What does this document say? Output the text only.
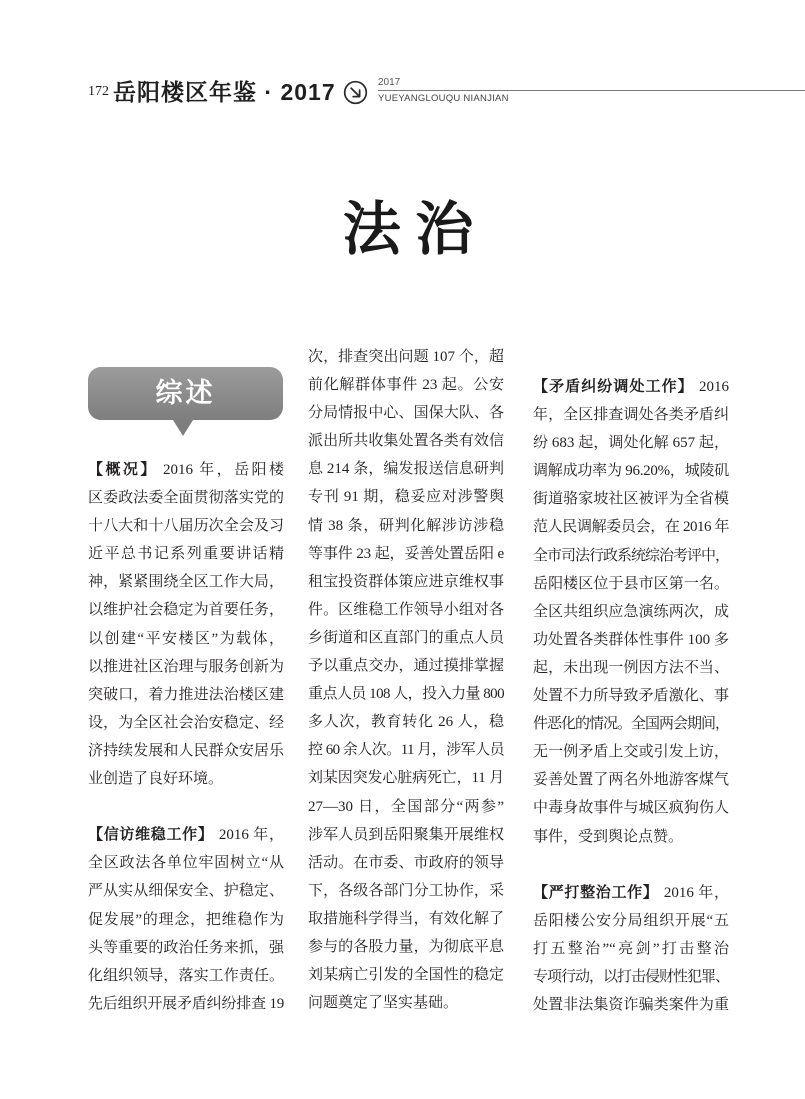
172 岳阳楼区年鉴 · 2017	2017
YUEYANGLOUQU NIANJIAN
法 治
综述
【概况】 2016 年，岳阳楼
区委政法委全面贯彻落实党的
十八大和十八届历次全会及习
近平总书记系列重要讲话精
神，紧紧围绕全区工作大局，
以维护社会稳定为首要任务，
以创建“平安楼区”为载体，
以推进社区治理与服务创新为
突破口，着力推进法治楼区建
设，为全区社会治安稳定、经
济持续发展和人民群众安居乐
业创造了良好环境。
【信访维稳工作】 2016 年，
全区政法各单位牢固树立“从
严从实从细保安全、护稳定、
促发展”的理念，把维稳作为
头等重要的政治任务来抓，强
化组织领导，落实工作责任。
先后组织开展矛盾纠纷排查 19
次，排查突出问题 107 个，超
前化解群体事件 23 起。公安
分局情报中心、国保大队、各
派出所共收集处置各类有效信
息 214 条，编发报送信息研判
专刊 91 期，稳妥应对涉警舆
情 38 条，研判化解涉访涉稳
等事件 23 起，妥善处置岳阳 e
租宝投资群体策应进京维权事
件。区维稳工作领导小组对各
乡街道和区直部门的重点人员
予以重点交办，通过摸排掌握
重点人员 108 人，投入力量 800
多人次，教育转化 26 人，稳
控 60 余人次。11 月，涉军人员
刘某因突发心脏病死亡，11 月
27—30 日，全国部分“两参”
涉军人员到岳阳聚集开展维权
活动。在市委、市政府的领导
下，各级各部门分工协作，采
取措施科学得当，有效化解了
参与的各股力量，为彻底平息
刘某病亡引发的全国性的稳定
问题奠定了坚实基础。
【矛盾纠纷调处工作】 2016
年，全区排查调处各类矛盾纠
纷 683 起，调处化解 657 起，
调解成功率为 96.20%，城陵矶
街道骆家坡社区被评为全省模
范人民调解委员会，在 2016 年
全市司法行政系统综治考评中，
岳阳楼区位于县市区第一名。
全区共组织应急演练两次，成
功处置各类群体性事件 100 多
起，未出现一例因方法不当、
处置不力所导致矛盾激化、事
件恶化的情况。全国两会期间，
无一例矛盾上交或引发上访，
妥善处置了两名外地游客煤气
中毒身故事件与城区疯狗伤人
事件，受到舆论点赞。
【严打整治工作】 2016 年，
岳阳楼公安分局组织开展“五
打五整治”“亮剑”打击整治
专项行动，以打击侵财性犯罪、
处置非法集资诈骗类案件为重
